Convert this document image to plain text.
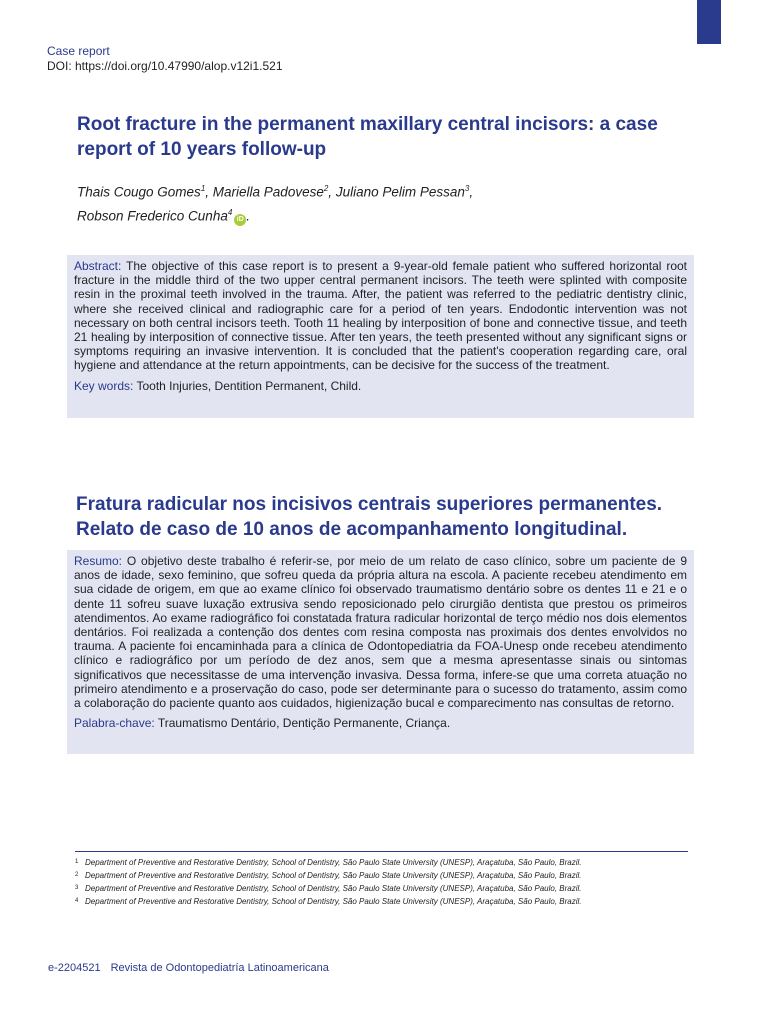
Case report
DOI: https://doi.org/10.47990/alop.v12i1.521
Root fracture in the permanent maxillary central incisors: a case report of 10 years follow-up
Thais Cougo Gomes$^1$, Mariella Padovese$^2$, Juliano Pelim Pessan$^3$,
Robson Frederico Cunha$^4$iD .
Abstract: The objective of this case report is to present a 9-year-old female patient who suffered horizontal root fracture in the middle third of the two upper central permanent incisors. The teeth were splinted with composite resin in the proximal teeth involved in the trauma. After, the patient was referred to the pediatric dentistry clinic, where she received clinical and radiographic care for a period of ten years. Endodontic intervention was not necessary on both central incisors teeth. Tooth 11 healing by interposition of bone and connective tissue, and teeth 21 healing by interposition of connective tissue. After ten years, the teeth presented without any significant signs or symptoms requiring an invasive intervention. It is concluded that the patient's cooperation regarding care, oral hygiene and attendance at the return appointments, can be decisive for the success of the treatment.
Key words: Tooth Injuries, Dentition Permanent, Child.
Fratura radicular nos incisivos centrais superiores permanentes. Relato de caso de 10 anos de acompanhamento longitudinal.
Resumo: O objetivo deste trabalho é referir-se, por meio de um relato de caso clínico, sobre um paciente de 9 anos de idade, sexo feminino, que sofreu queda da própria altura na escola. A paciente recebeu atendimento em sua cidade de origem, em que ao exame clínico foi observado traumatismo dentário sobre os dentes 11 e 21 e o dente 11 sofreu suave luxação extrusiva sendo reposicionado pelo cirurgião dentista que prestou os primeiros atendimentos. Ao exame radiográfico foi constatada fratura radicular horizontal de terço médio nos dois elementos dentários. Foi realizada a contenção dos dentes com resina composta nas proximais dos dentes envolvidos no trauma. A paciente foi encaminhada para a clínica de Odontopediatria da FOA-Unesp onde recebeu atendimento clínico e radiográfico por um período de dez anos, sem que a mesma apresentasse sinais ou sintomas significativos que necessitasse de uma intervenção invasiva. Dessa forma, infere-se que uma correta atuação no primeiro atendimento e a proservação do caso, pode ser determinante para o sucesso do tratamento, assim como a colaboração do paciente quanto aos cuidados, higienização bucal e comparecimento nas consultas de retorno.
Palabra-chave: Traumatismo Dentário, Dentição Permanente, Criança.
1 Department of Preventive and Restorative Dentistry, School of Dentistry, São Paulo State University (UNESP), Araçatuba, São Paulo, Brazil.
2 Department of Preventive and Restorative Dentistry, School of Dentistry, São Paulo State University (UNESP), Araçatuba, São Paulo, Brazil.
3 Department of Preventive and Restorative Dentistry, School of Dentistry, São Paulo State University (UNESP), Araçatuba, São Paulo, Brazil.
4 Department of Preventive and Restorative Dentistry, School of Dentistry, São Paulo State University (UNESP), Araçatuba, São Paulo, Brazil.
e-2204521 Revista de Odontopediatría Latinoamericana
